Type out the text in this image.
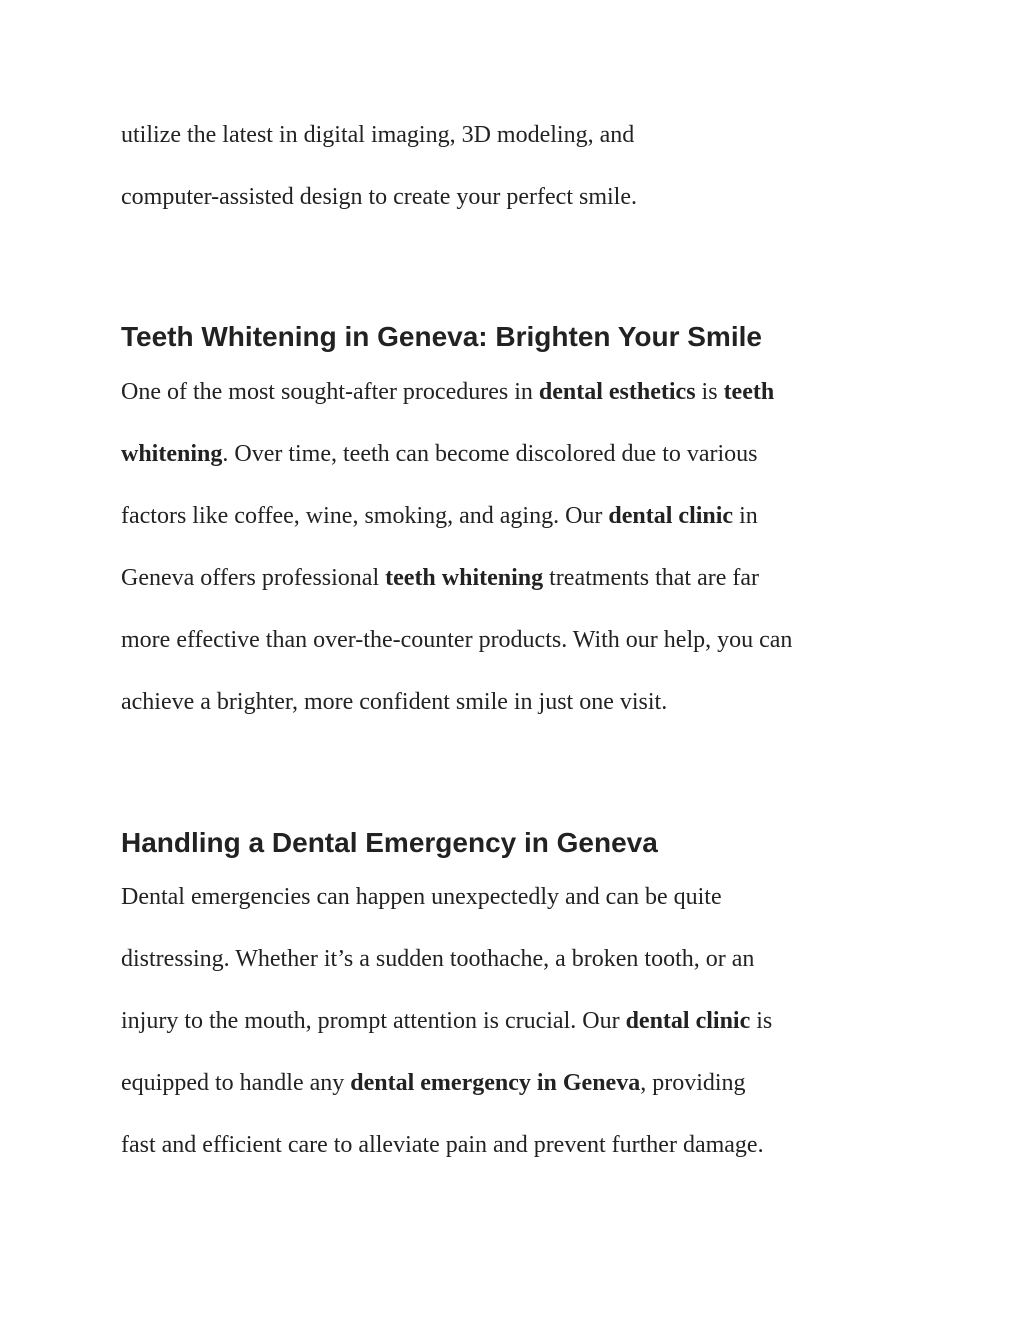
utilize the latest in digital imaging, 3D modeling, and

computer-assisted design to create your perfect smile.

Teeth Whitening in Geneva: Brighten Your Smile

One of the most sought-after procedures in dental esthetics is teeth

whitening. Over time, teeth can become discolored due to various

factors like coffee, wine, smoking, and aging. Our dental clinic in

Geneva offers professional teeth whitening treatments that are far

more effective than over-the-counter products. With our help, you can

achieve a brighter, more confident smile in just one visit.

Handling a Dental Emergency in Geneva

Dental emergencies can happen unexpectedly and can be quite

distressing. Whether it’s a sudden toothache, a broken tooth, or an

injury to the mouth, prompt attention is crucial. Our dental clinic is

equipped to handle any dental emergency in Geneva, providing

fast and efficient care to alleviate pain and prevent further damage.
